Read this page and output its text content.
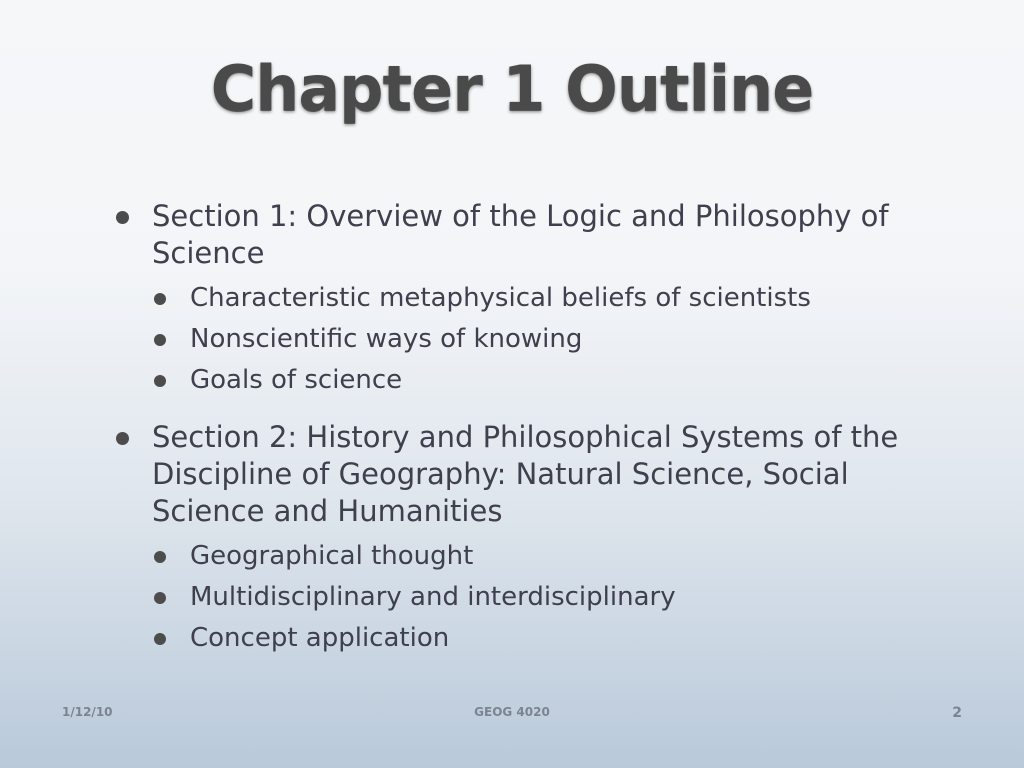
Chapter 1 Outline
Section 1: Overview of the Logic and Philosophy of Science
Characteristic metaphysical beliefs of scientists
Nonscientific ways of knowing
Goals of science
Section 2: History and Philosophical Systems of the Discipline of Geography: Natural Science, Social Science and Humanities
Geographical thought
Multidisciplinary and interdisciplinary
Concept application
1/12/10	GEOG 4020	2
